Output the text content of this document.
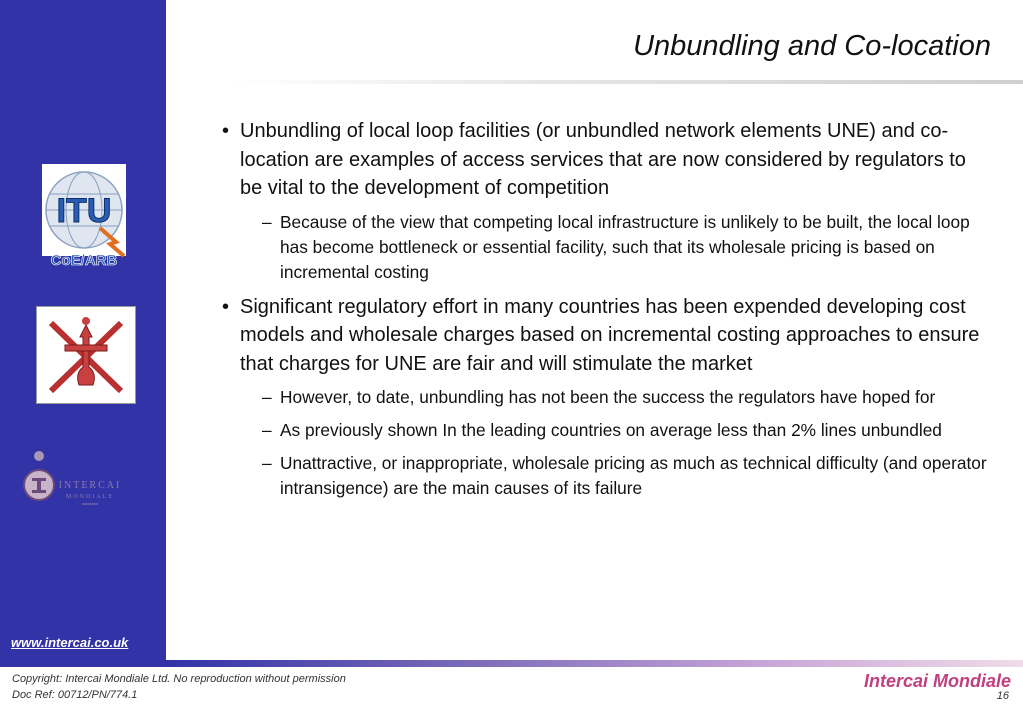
ITU
CoE/ARB
INTERCAI
MONDIALE
www.intercai.co.uk
Unbundling and Co-location
• Unbundling of local loop facilities (or unbundled network elements UNE) and co-location are examples of access services that are now considered by regulators to be vital to the development of competition
– Because of the view that competing local infrastructure is unlikely to be built, the local loop has become bottleneck or essential facility, such that its wholesale pricing is based on incremental costing
• Significant regulatory effort in many countries has been expended developing cost models and wholesale charges based on incremental costing approaches to ensure that charges for UNE are fair and will stimulate the market
– However, to date, unbundling has not been the success the regulators have hoped for
– As previously shown In the leading countries on average less than 2% lines unbundled
– Unattractive, or inappropriate, wholesale pricing as much as technical difficulty (and operator intransigence) are the main causes of its failure
Copyright: Intercai Mondiale Ltd. No reproduction without permission
Doc Ref: 00712/PN/774.1
Intercai Mondiale
16
